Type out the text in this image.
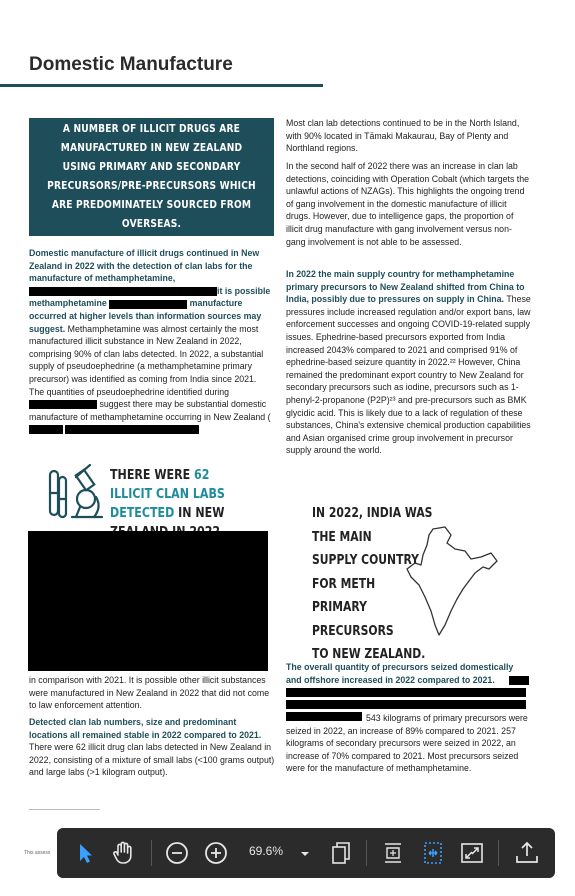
Domestic Manufacture
A NUMBER OF ILLICIT DRUGS ARE MANUFACTURED IN NEW ZEALAND USING PRIMARY AND SECONDARY PRECURSORS/PRE-PRECURSORS WHICH ARE PREDOMINATELY SOURCED FROM OVERSEAS.
Domestic manufacture of illicit drugs continued in New Zealand in 2022 with the detection of clan labs for the manufacture of methamphetamine, it is possible methamphetamine	manufacture occurred at higher levels than information sources may suggest. Methamphetamine was almost certainly the most manufactured illicit substance in New Zealand in 2022, comprising 90% of clan labs detected. In 2022, a substantial supply of pseudoephedrine (a methamphetamine primary precursor) was identified as coming from India since 2021. The quantities of pseudoephedrine identified during  suggest there may be substantial domestic manufacture of methamphetamine occurring in New Zealand (
THERE WERE 62 ILLICIT CLAN LABS DETECTED IN NEW
in comparison with 2021. It is possible other illicit substances were manufactured in New Zealand in 2022 that did not come to law enforcement attention.
Detected clan lab numbers, size and predominant locations all remained stable in 2022 compared to 2021. There were 62 illicit drug clan labs detected in New Zealand in 2022, consisting of a mixture of small labs (<100 grams output) and large labs (>1 kilogram output).
Most clan lab detections continued to be in the North Island, with 90% located in Tāmaki Makaurau, Bay of Plenty and Northland regions.
In the second half of 2022 there was an increase in clan lab detections, coinciding with Operation Cobalt (which targets the unlawful actions of NZAGs). This highlights the ongoing trend of gang involvement in the domestic manufacture of illicit drugs. However, due to intelligence gaps, the proportion of illicit drug manufacture with gang involvement versus non-gang involvement is not able to be assessed.
In 2022 the main supply country for methamphetamine primary precursors to New Zealand shifted from China to India, possibly due to pressures on supply in China. These pressures include increased regulation and/or export bans, law enforcement successes and ongoing COVID-19-related supply issues. Ephedrine-based precursors exported from India increased 2043% compared to 2021 and comprised 91% of ephedrine-based seizure quantity in 2022.²² However, China remained the predominant export country to New Zealand for secondary precursors such as iodine, precursors such as 1-phenyl-2-propanone (P2P)²³ and pre-precursors such as BMK glycidic acid. This is likely due to a lack of regulation of these substances, China's extensive chemical production capabilities and Asian organised crime group involvement in precursor supply around the world.
IN 2022, INDIA WAS THE MAIN
SUPPLY COUNTRY
FOR METH
PRIMARY
PRECURSORS
TO NEW ZEALAND.
The overall quantity of precursors seized domestically and offshore increased in 2022 compared to 2021.
543 kilograms of primary precursors were seized in 2022, an increase of 89% compared to 2021. 257 kilograms of secondary precursors were seized in 2022, an increase of 70% compared to 2021. Most precursors seized were for the manufacture of methamphetamine.
This assess	69.6%
